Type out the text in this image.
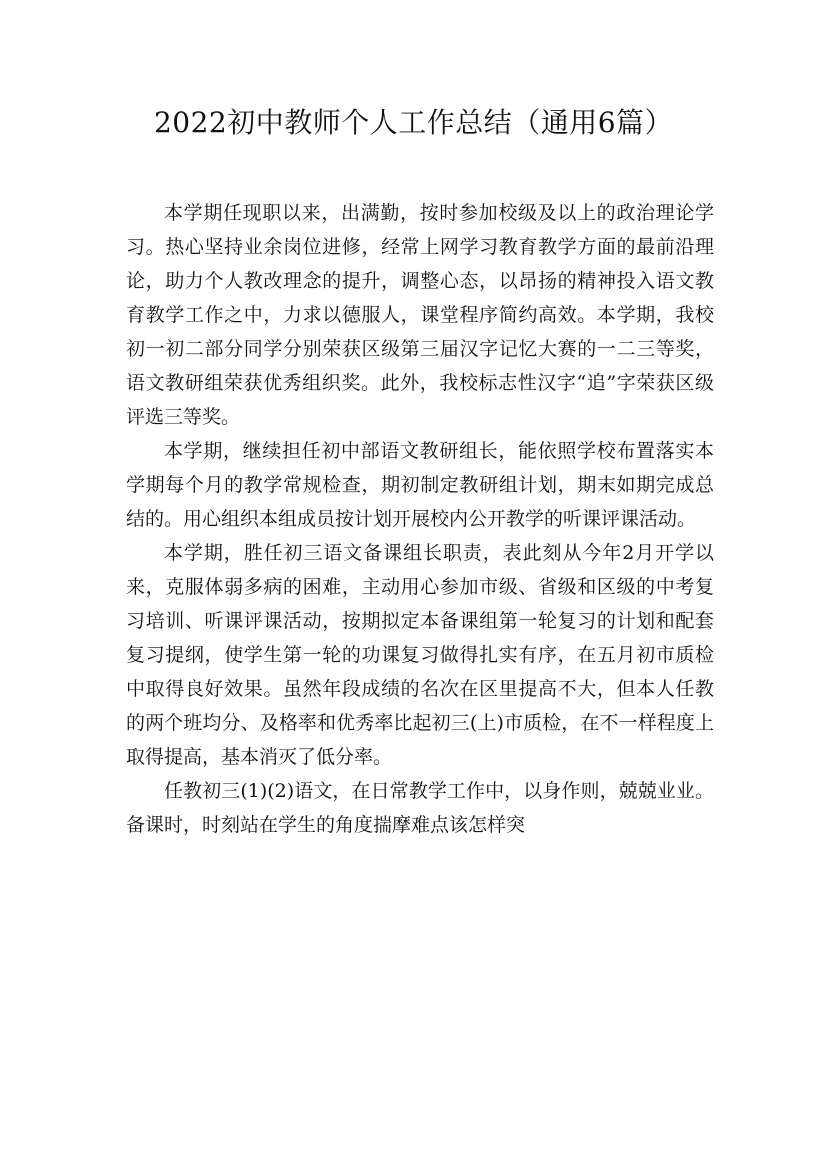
2022初中教师个人工作总结（通用6篇）

本学期任现职以来，出满勤，按时参加校级及以上的政治理论学习。热心坚持业余岗位进修，经常上网学习教育教学方面的最前沿理论，助力个人教改理念的提升，调整心态，以昂扬的精神投入语文教育教学工作之中，力求以德服人，课堂程序简约高效。本学期，我校初一初二部分同学分别荣获区级第三届汉字记忆大赛的一二三等奖，语文教研组荣获优秀组织奖。此外，我校标志性汉字“追”字荣获区级评选三等奖。

本学期，继续担任初中部语文教研组长，能依照学校布置落实本学期每个月的教学常规检查，期初制定教研组计划，期末如期完成总结的。用心组织本组成员按计划开展校内公开教学的听课评课活动。

本学期，胜任初三语文备课组长职责，表此刻从今年2月开学以来，克服体弱多病的困难，主动用心参加市级、省级和区级的中考复习培训、听课评课活动，按期拟定本备课组第一轮复习的计划和配套复习提纲，使学生第一轮的功课复习做得扎实有序，在五月初市质检中取得良好效果。虽然年段成绩的名次在区里提高不大，但本人任教的两个班均分、及格率和优秀率比起初三(上)市质检，在不一样程度上取得提高，基本消灭了低分率。

任教初三(1)(2)语文，在日常教学工作中，以身作则，兢兢业业。备课时，时刻站在学生的角度揣摩难点该怎样突
